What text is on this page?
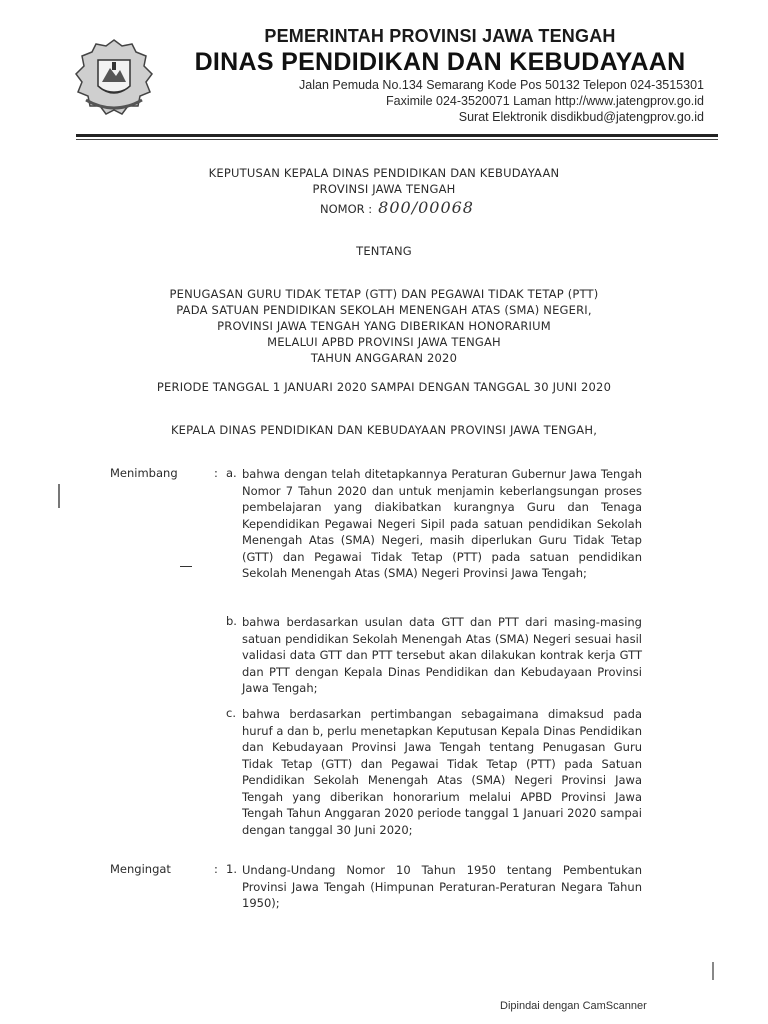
PEMERINTAH PROVINSI JAWA TENGAH
DINAS PENDIDIKAN DAN KEBUDAYAAN
Jalan Pemuda No.134 Semarang Kode Pos 50132 Telepon 024-3515301
Faximile 024-3520071 Laman http://www.jatengprov.go.id
Surat Elektronik disdikbud@jatengprov.go.id
KEPUTUSAN KEPALA DINAS PENDIDIKAN DAN KEBUDAYAAN
PROVINSI JAWA TENGAH
NOMOR : 800/00068
TENTANG
PENUGASAN GURU TIDAK TETAP (GTT) DAN PEGAWAI TIDAK TETAP (PTT)
PADA SATUAN PENDIDIKAN SEKOLAH MENENGAH ATAS (SMA) NEGERI,
PROVINSI JAWA TENGAH YANG DIBERIKAN HONORARIUM
MELALUI APBD PROVINSI JAWA TENGAH
TAHUN ANGGARAN 2020
PERIODE TANGGAL 1 JANUARI 2020 SAMPAI DENGAN TANGGAL 30 JUNI 2020
KEPALA DINAS PENDIDIKAN DAN KEBUDAYAAN PROVINSI JAWA TENGAH,
Menimbang	: a. bahwa dengan telah ditetapkannya Peraturan Gubernur Jawa Tengah Nomor 7 Tahun 2020 dan untuk menjamin keberlangsungan proses pembelajaran yang diakibatkan kurangnya Guru dan Tenaga Kependidikan Pegawai Negeri Sipil pada satuan pendidikan Sekolah Menengah Atas (SMA) Negeri, masih diperlukan Guru Tidak Tetap (GTT) dan Pegawai Tidak Tetap (PTT) pada satuan pendidikan Sekolah Menengah Atas (SMA) Negeri Provinsi Jawa Tengah;
b. bahwa berdasarkan usulan data GTT dan PTT dari masing-masing satuan pendidikan Sekolah Menengah Atas (SMA) Negeri sesuai hasil validasi data GTT dan PTT tersebut akan dilakukan kontrak kerja GTT dan PTT dengan Kepala Dinas Pendidikan dan Kebudayaan Provinsi Jawa Tengah;
c. bahwa berdasarkan pertimbangan sebagaimana dimaksud pada huruf a dan b, perlu menetapkan Keputusan Kepala Dinas Pendidikan dan Kebudayaan Provinsi Jawa Tengah tentang Penugasan Guru Tidak Tetap (GTT) dan Pegawai Tidak Tetap (PTT) pada Satuan Pendidikan Sekolah Menengah Atas (SMA) Negeri Provinsi Jawa Tengah yang diberikan honorarium melalui APBD Provinsi Jawa Tengah Tahun Anggaran 2020 periode tanggal 1 Januari 2020 sampai dengan tanggal 30 Juni 2020;
Mengingat	: 1. Undang-Undang Nomor 10 Tahun 1950 tentang Pembentukan Provinsi Jawa Tengah (Himpunan Peraturan-Peraturan Negara Tahun 1950);
Dipindai dengan CamScanner
